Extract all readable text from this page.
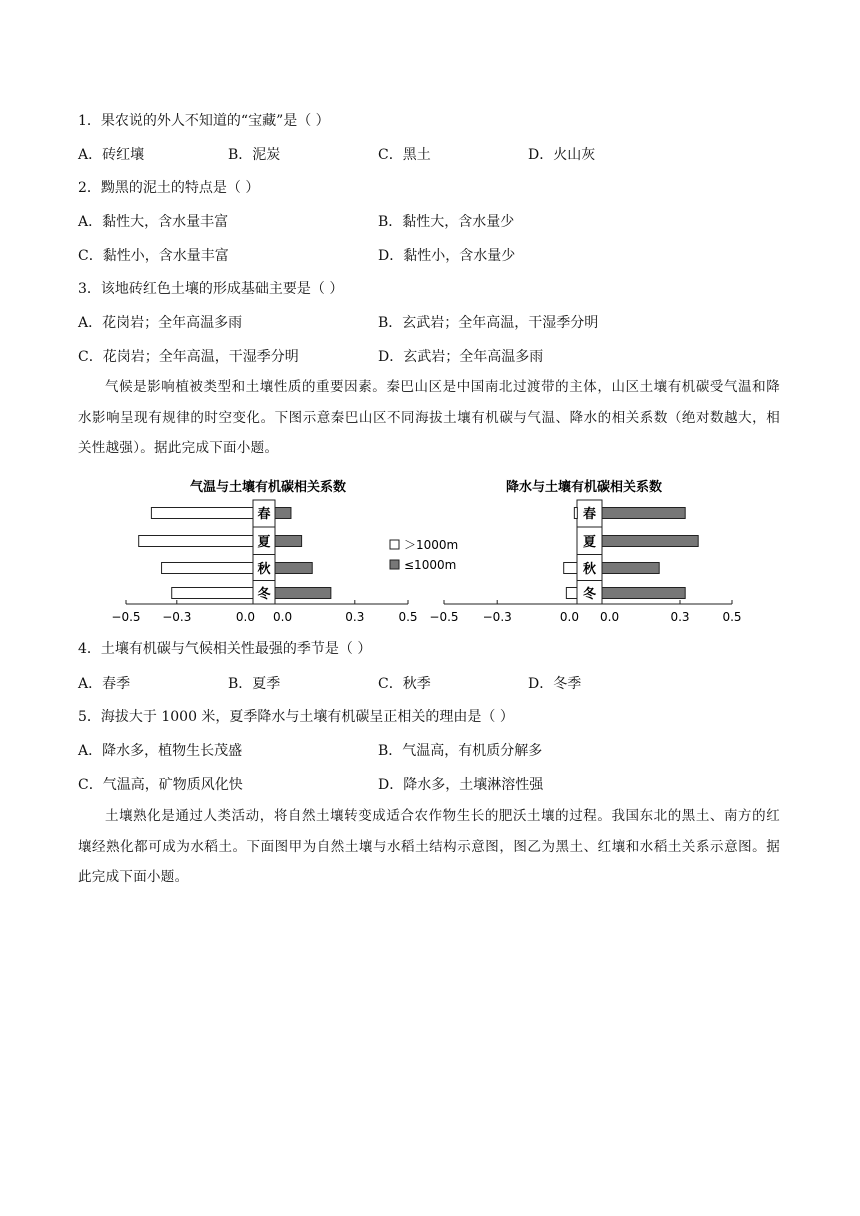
1．果农说的外人不知道的“宝藏”是（ ）
A．砖红壤	B．泥炭	C．黑土	D．火山灰
2．黝黑的泥土的特点是（ ）
A．黏性大，含水量丰富	B．黏性大，含水量少
C．黏性小，含水量丰富	D．黏性小，含水量少
3．该地砖红色土壤的形成基础主要是（ ）
A．花岗岩；全年高温多雨	B．玄武岩；全年高温，干湿季分明
C．花岗岩；全年高温，干湿季分明	D．玄武岩；全年高温多雨
气候是影响植被类型和土壤性质的重要因素。秦巴山区是中国南北过渡带的主体，山区土壤有机碳受气温和降水影响呈现有规律的时空变化。下图示意秦巴山区不同海拔土壤有机碳与气温、降水的相关系数（绝对数越大，相关性越强）。据此完成下面小题。
气温与土壤有机碳相关系数
−0.5 −0.3	0.0 0.0	0.3	0.5
春
夏
秋
冬
降水与土壤有机碳相关系数
−0.5 −0.3	0.0 0.0	0.3	0.5
春
夏
秋
冬
＞1000m
≤1000m
4．土壤有机碳与气候相关性最强的季节是（ ）
A．春季	B．夏季	C．秋季	D．冬季
5．海拔大于 1000 米，夏季降水与土壤有机碳呈正相关的理由是（ ）
A．降水多，植物生长茂盛	B．气温高，有机质分解多
C．气温高，矿物质风化快	D．降水多，土壤淋溶性强
土壤熟化是通过人类活动，将自然土壤转变成适合农作物生长的肥沃土壤的过程。我国东北的黑土、南方的红壤经熟化都可成为水稻土。下面图甲为自然土壤与水稻土结构示意图，图乙为黑土、红壤和水稻土关系示意图。据此完成下面小题。
